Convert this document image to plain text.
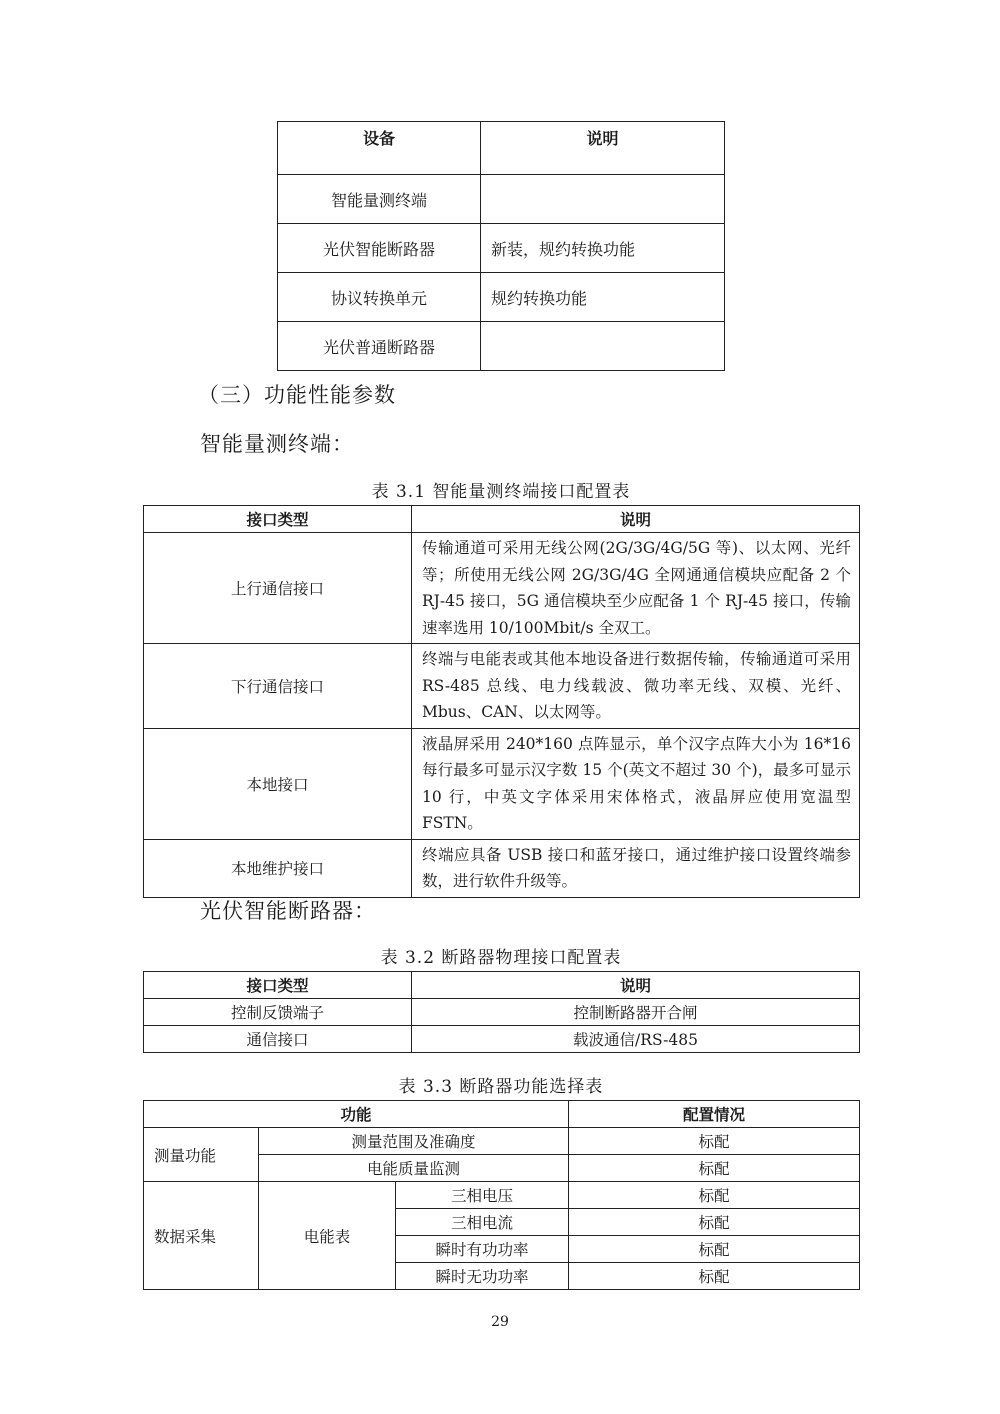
设备	说明
智能量测终端	
光伏智能断路器	新装，规约转换功能
协议转换单元	规约转换功能
光伏普通断路器	
（三）功能性能参数
智能量测终端：
表 3.1 智能量测终端接口配置表
接口类型	说明
上行通信接口	传输通道可采用无线公网(2G/3G/4G/5G 等)、以太网、光纤等；所使用无线公网 2G/3G/4G 全网通通信模块应配备 2 个 RJ-45 接口，5G 通信模块至少应配备 1 个 RJ-45 接口，传输速率选用 10/100Mbit/s 全双工。
下行通信接口	终端与电能表或其他本地设备进行数据传输，传输通道可采用 RS-485 总线、电力线载波、微功率无线、双模、光纤、Mbus、CAN、以太网等。
本地接口	液晶屏采用 240*160 点阵显示，单个汉字点阵大小为 16*16 每行最多可显示汉字数 15 个(英文不超过 30 个)，最多可显示 10 行，中英文字体采用宋体格式，液晶屏应使用宽温型 FSTN。
本地维护接口	终端应具备 USB 接口和蓝牙接口，通过维护接口设置终端参数，进行软件升级等。
光伏智能断路器：
表 3.2 断路器物理接口配置表
接口类型	说明
控制反馈端子	控制断路器开合闸
通信接口	载波通信/RS-485
表 3.3 断路器功能选择表
功能			配置情况
测量功能	测量范围及准确度		标配
	电能质量监测		标配
数据采集	电能表	三相电压	标配
		三相电流	标配
		瞬时有功功率	标配
		瞬时无功功率	标配
29
